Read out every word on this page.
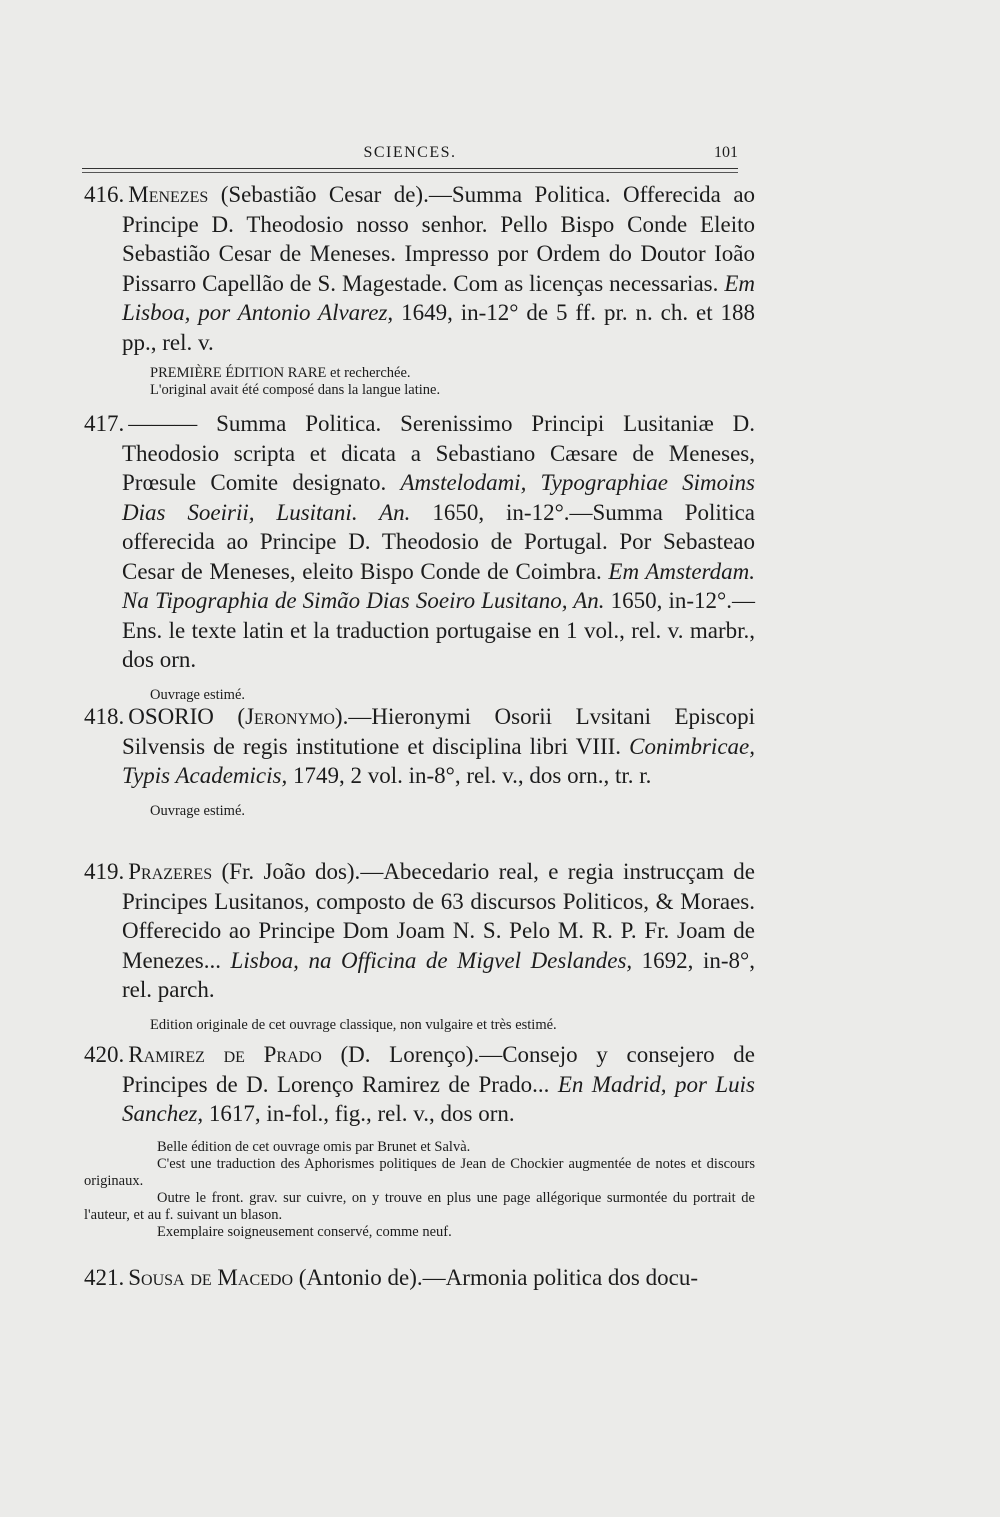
SCIENCES.	101
416. Menezes (Sebastião Cesar de).—Summa Politica. Offerecida ao Principe D. Theodosio nosso senhor. Pello Bispo Conde Eleito Sebastião Cesar de Meneses. Impresso por Ordem do Doutor Ioão Pissarro Capellão de S. Magestade. Com as licenças necessarias. Em Lisboa, por Antonio Alvarez, 1649, in-12° de 5 ff. pr. n. ch. et 188 pp., rel. v.

PREMIÈRE ÉDITION RARE et recherchée.

L'original avait été composé dans la langue latine.

417. ——— Summa Politica. Serenissimo Principi Lusitaniæ D. Theodosio scripta et dicata a Sebastiano Cæsare de Meneses, Prœsule Comite designato. Amstelodami, Typographiae Simoins Dias Soeirii, Lusitani. An. 1650, in-12°.—Summa Politica offerecida ao Principe D. Theodosio de Portugal. Por Sebasteao Cesar de Meneses, eleito Bispo Conde de Coimbra. Em Amsterdam. Na Tipographia de Simão Dias Soeiro Lusitano, An. 1650, in-12°.—Ens. le texte latin et la traduction portugaise en 1 vol., rel. v. marbr., dos orn.

Ouvrage estimé.

418. OSORIO (Jeronymo).—Hieronymi Osorii Lvsitani Episcopi Silvensis de regis institutione et disciplina libri VIII. Conimbricae, Typis Academicis, 1749, 2 vol. in-8°, rel. v., dos orn., tr. r.

Ouvrage estimé.

419. Prazeres (Fr. João dos).—Abecedario real, e regia instrucçam de Principes Lusitanos, composto de 63 discursos Politicos, & Moraes. Offerecido ao Principe Dom Joam N. S. Pelo M. R. P. Fr. Joam de Menezes... Lisboa, na Officina de Migvel Deslandes, 1692, in-8°, rel. parch.

Edition originale de cet ouvrage classique, non vulgaire et très estimé.

420. Ramirez de Prado (D. Lorenço).—Consejo y consejero de Principes de D. Lorenço Ramirez de Prado... En Madrid, por Luis Sanchez, 1617, in-fol., fig., rel. v., dos orn.

Belle édition de cet ouvrage omis par Brunet et Salvà.

C'est une traduction des Aphorismes politiques de Jean de Chockier augmentée de notes et discours originaux.

Outre le front. grav. sur cuivre, on y trouve en plus une page allégorique surmontée du portrait de l'auteur, et au f. suivant un blason.

Exemplaire soigneusement conservé, comme neuf.

421. Sousa de Macedo (Antonio de).—Armonia politica dos docu-
